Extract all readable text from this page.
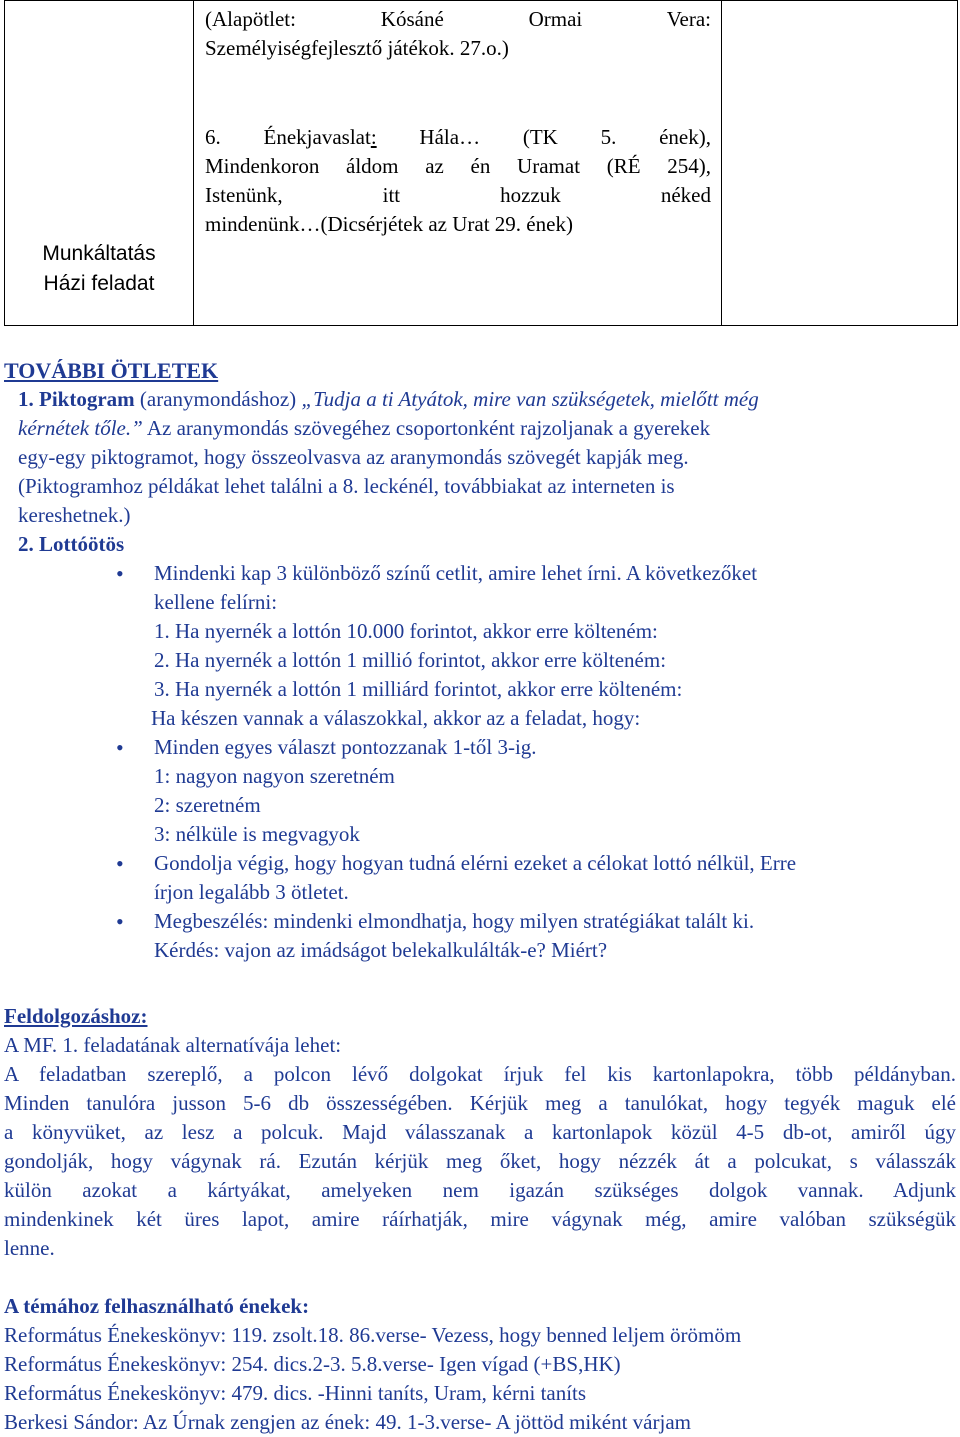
Munkáltatás
Házi feladat
(Alapötlet: Kósáné Ormai Vera:
Személyiségfejlesztő játékok. 27.o.)
6. Énekjavaslat: Hála… (TK 5. ének),
Mindenkoron áldom az én Uramat (RÉ 254),
Istenünk, itt hozzuk néked
mindenünk…(Dicsérjétek az Urat 29. ének)
TOVÁBBI ÖTLETEK
1. Piktogram (aranymondáshoz) „Tudja a ti Atyátok, mire van szükségetek, mielőtt még
kérnétek tőle.” Az aranymondás szövegéhez csoportonként rajzoljanak a gyerekek
egy-egy piktogramot, hogy összeolvasva az aranymondás szövegét kapják meg.
(Piktogramhoz példákat lehet találni a 8. leckénél, továbbiakat az interneten is
kereshetnek.)
2. Lottóötös
• Mindenki kap 3 különböző színű cetlit, amire lehet írni. A következőket
kellene felírni:
1. Ha nyernék a lottón 10.000 forintot, akkor erre költeném:
2. Ha nyernék a lottón 1 millió forintot, akkor erre költeném:
3. Ha nyernék a lottón 1 milliárd forintot, akkor erre költeném:
Ha készen vannak a válaszokkal, akkor az a feladat, hogy:
• Minden egyes választ pontozzanak 1-től 3-ig.
1: nagyon nagyon szeretném
2: szeretném
3: nélküle is megvagyok
• Gondolja végig, hogy hogyan tudná elérni ezeket a célokat lottó nélkül, Erre
írjon legalább 3 ötletet.
• Megbeszélés: mindenki elmondhatja, hogy milyen stratégiákat talált ki.
Kérdés: vajon az imádságot belekalkulálták-e? Miért?
Feldolgozáshoz:
A MF. 1. feladatának alternatívája lehet:
A feladatban szereplő, a polcon lévő dolgokat írjuk fel kis kartonlapokra, több példányban.
Minden tanulóra jusson 5-6 db összességében. Kérjük meg a tanulókat, hogy tegyék maguk elé
a könyvüket, az lesz a polcuk. Majd válasszanak a kartonlapok közül 4-5 db-ot, amiről úgy
gondolják, hogy vágynak rá. Ezután kérjük meg őket, hogy nézzék át a polcukat, s válasszák
külön azokat a kártyákat, amelyeken nem igazán szükséges dolgok vannak. Adjunk
mindenkinek két üres lapot, amire ráírhatják, mire vágynak még, amire valóban szükségük
lenne.
A témához felhasználható énekek:
Református Énekeskönyv: 119. zsolt.18. 86.verse- Vezess, hogy benned leljem örömöm
Református Énekeskönyv: 254. dics.2-3. 5.8.verse- Igen vígad (+BS,HK)
Református Énekeskönyv: 479. dics. -Hinni taníts, Uram, kérni taníts
Berkesi Sándor: Az Úrnak zengjen az ének: 49. 1-3.verse- A jöttöd miként várjam
